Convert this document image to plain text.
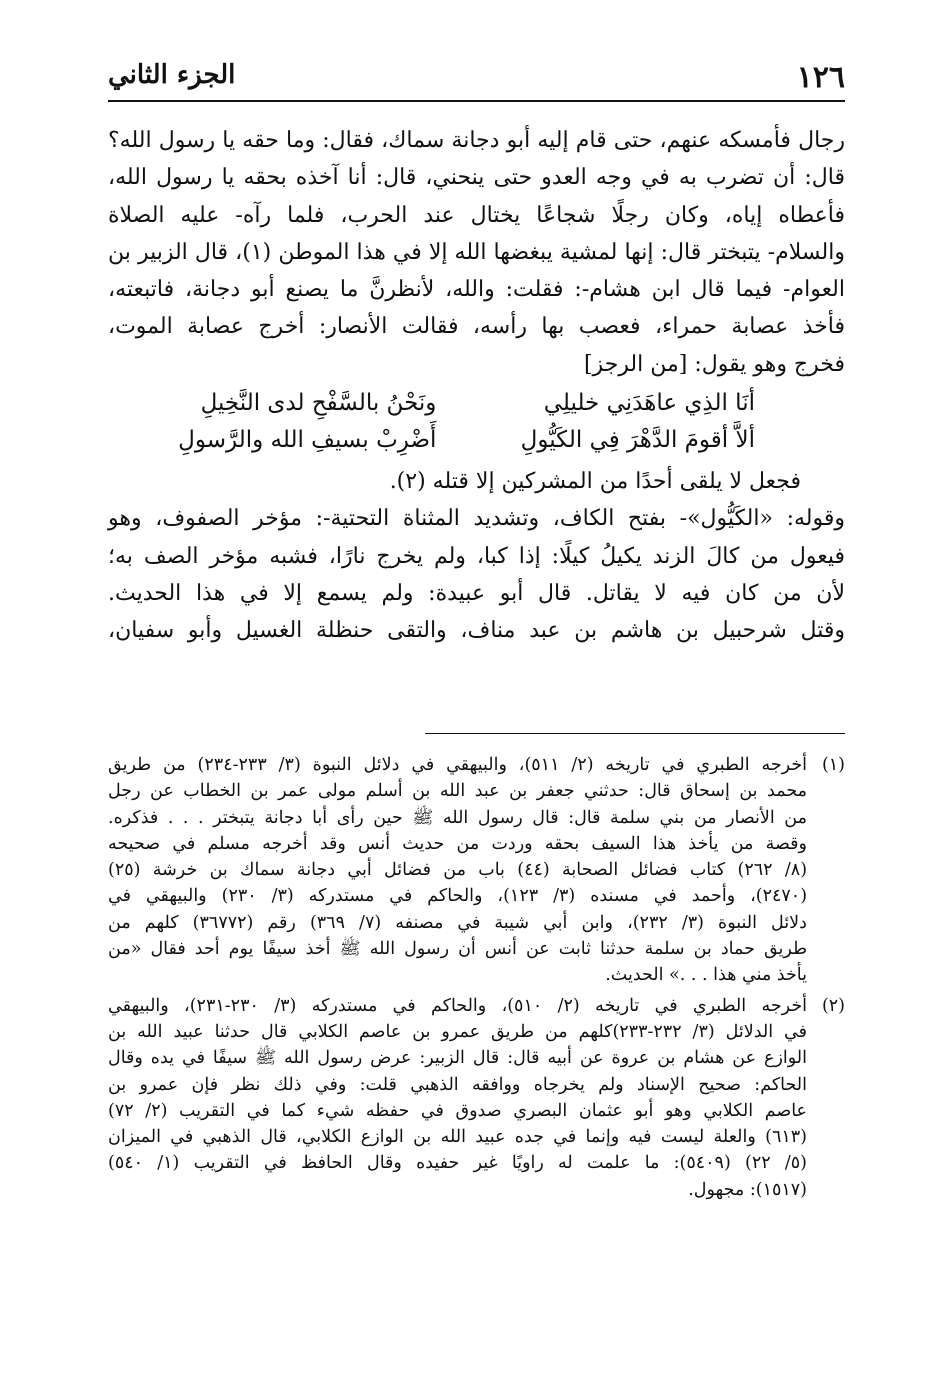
١٢٦
الجزء الثاني

رجال فأمسكه عنهم، حتى قام إليه أبو دجانة سماك، فقال: وما حقه يا رسول الله؟

قال: أن تضرب به في وجه العدو حتى ينحني، قال: أنا آخذه بحقه يا رسول الله،

فأعطاه إياه، وكان رجلًا شجاعًا يختال عند الحرب، فلما رآه- عليه الصلاة

والسلام- يتبختر قال: إنها لمشية يبغضها الله إلا في هذا الموطن (١)، قال الزبير بن

العوام- فيما قال ابن هشام-: فقلت: والله، لأنظرنَّ ما يصنع أبو دجانة، فاتبعته،

فأخذ عصابة حمراء، فعصب بها رأسه، فقالت الأنصار: أخرج عصابة الموت،

فخرج وهو يقول: [من الرجز]

أنَا الذِي عاهَدَنِي خليلِي
ونَحْنُ بالسَّفْحِ لدى النَّخِيلِ
ألاَّ أقومَ الدَّهْرَ فِي الكَيُّولِ
أَضْرِبْ بسيفِ الله والرَّسولِ

فجعل لا يلقى أحدًا من المشركين إلا قتله (٢).

وقوله: «الكَيُّول»- بفتح الكاف، وتشديد المثناة التحتية-: مؤخر الصفوف، وهو

فيعول من كالَ الزند يكيلُ كيلًا: إذا كبا، ولم يخرج نارًا، فشبه مؤخر الصف به؛

لأن من كان فيه لا يقاتل. قال أبو عبيدة: ولم يسمع إلا في هذا الحديث.

وقتل شرحبيل بن هاشم بن عبد مناف، والتقى حنظلة الغسيل وأبو سفيان،

(١)

أخرجه الطبري في تاريخه (٢/ ٥١١)، والبيهقي في دلائل النبوة (٣/ ٢٣٣-٢٣٤) من طريق

محمد بن إسحاق قال: حدثني جعفر بن عبد الله بن أسلم مولى عمر بن الخطاب عن رجل

من الأنصار من بني سلمة قال: قال رسول الله ﷺ حين رأى أبا دجانة يتبختر . . . فذكره.

وقصة من يأخذ هذا السيف بحقه وردت من حديث أنس وقد أخرجه مسلم في صحيحه

(٨/ ٢٦٢) كتاب فضائل الصحابة (٤٤) باب من فضائل أبي دجانة سماك بن خرشة (٢٥)

(٢٤٧٠)، وأحمد في مسنده (٣/ ١٢٣)، والحاكم في مستدركه (٣/ ٢٣٠) والبيهقي في

دلائل النبوة (٣/ ٢٣٢)، وابن أبي شيبة في مصنفه (٧/ ٣٦٩) رقم (٣٦٧٧٢) كلهم من

طريق حماد بن سلمة حدثنا ثابت عن أنس أن رسول الله ﷺ أخذ سيفًا يوم أحد فقال «من

يأخذ مني هذا . . .» الحديث.

(٢)

أخرجه الطبري في تاريخه (٢/ ٥١٠)، والحاكم في مستدركه (٣/ ٢٣٠-٢٣١)، والبيهقي

في الدلائل (٣/ ٢٣٢-٢٣٣)كلهم من طريق عمرو بن عاصم الكلابي قال حدثنا عبيد الله بن

الوازع عن هشام بن عروة عن أبيه قال: قال الزبير: عرض رسول الله ﷺ سيفًا في يده وقال

الحاكم: صحيح الإسناد ولم يخرجاه ووافقه الذهبي قلت: وفي ذلك نظر فإن عمرو بن

عاصم الكلابي وهو أبو عثمان البصري صدوق في حفظه شيء كما في التقريب (٢/ ٧٢)

(٦١٣) والعلة ليست فيه وإنما في جده عبيد الله بن الوازع الكلابي، قال الذهبي في الميزان

(٥/ ٢٢) (٥٤٠٩): ما علمت له راويًا غير حفيده وقال الحافظ في التقريب (١/ ٥٤٠)

(١٥١٧): مجهول.
